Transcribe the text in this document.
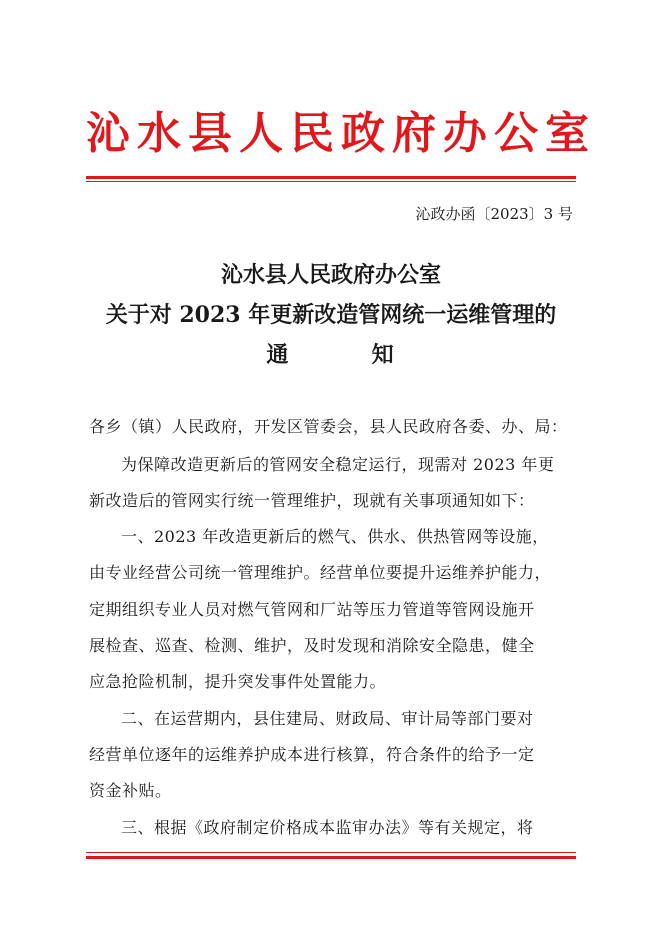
沁水县人民政府办公室
沁政办函〔2023〕3 号
沁水县人民政府办公室
关于对 2023 年更新改造管网统一运维管理的
通	知
各乡（镇）人民政府，开发区管委会，县人民政府各委、办、局：
为保障改造更新后的管网安全稳定运行，现需对 2023 年更
新改造后的管网实行统一管理维护，现就有关事项通知如下：
一、2023 年改造更新后的燃气、供水、供热管网等设施，
由专业经营公司统一管理维护。经营单位要提升运维养护能力，
定期组织专业人员对燃气管网和厂站等压力管道等管网设施开
展检查、巡查、检测、维护，及时发现和消除安全隐患，健全
应急抢险机制，提升突发事件处置能力。
二、在运营期内，县住建局、财政局、审计局等部门要对
经营单位逐年的运维养护成本进行核算，符合条件的给予一定
资金补贴。
三、根据《政府制定价格成本监审办法》等有关规定，将
